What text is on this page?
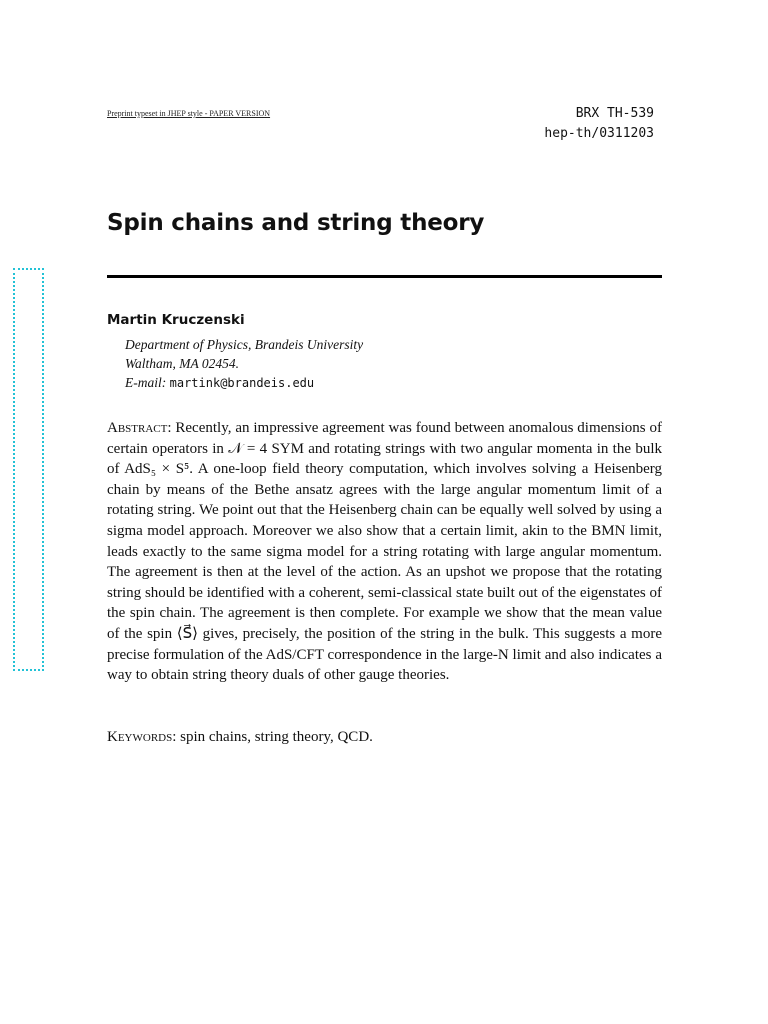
Preprint typeset in JHEP style - PAPER VERSION	BRX TH-539
hep-th/0311203
Spin chains and string theory
Martin Kruczenski
Department of Physics, Brandeis University
Waltham, MA 02454.
E-mail: martink@brandeis.edu

Abstract: Recently, an impressive agreement was found between anomalous dimensions of certain operators in 𝒩 = 4 SYM and rotating strings with two angular momenta in the bulk of AdS₅ × S⁵. A one-loop field theory computation, which involves solving a Heisenberg chain by means of the Bethe ansatz agrees with the large angular momentum limit of a rotating string. We point out that the Heisenberg chain can be equally well solved by using a sigma model approach. Moreover we also show that a certain limit, akin to the BMN limit, leads exactly to the same sigma model for a string rotating with large angular momentum. The agreement is then at the level of the action. As an upshot we propose that the rotating string should be identified with a coherent, semi-classical state built out of the eigenstates of the spin chain. The agreement is then complete. For example we show that the mean value of the spin ⟨S⃗⟩ gives, precisely, the position of the string in the bulk. This suggests a more precise formulation of the AdS/CFT correspondence in the large-N limit and also indicates a way to obtain string theory duals of other gauge theories.

Keywords: spin chains, string theory, QCD.
